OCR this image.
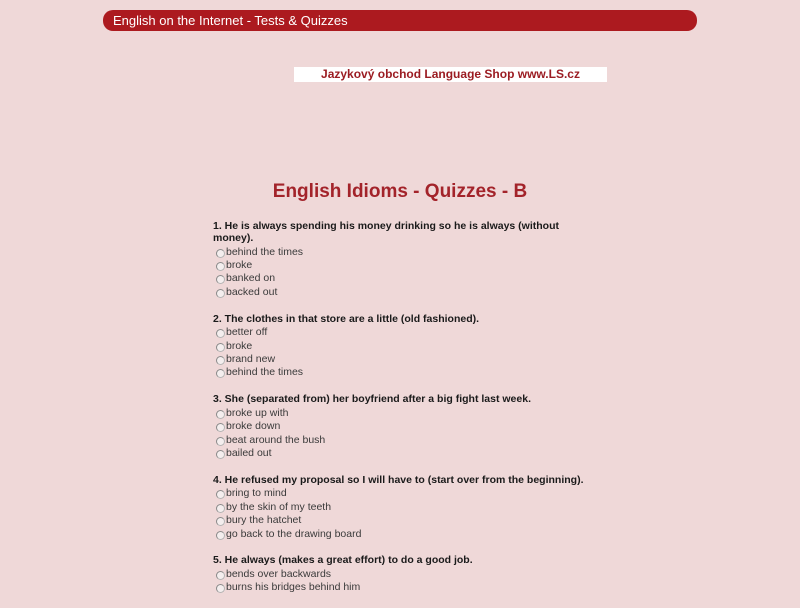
English on the Internet - Tests & Quizzes
Jazykový obchod Language Shop www.LS.cz
English Idioms - Quizzes - B
1. He is always spending his money drinking so he is always (without money).
behind the times
broke
banked on
backed out
2. The clothes in that store are a little (old fashioned).
better off
broke
brand new
behind the times
3. She (separated from) her boyfriend after a big fight last week.
broke up with
broke down
beat around the bush
bailed out
4. He refused my proposal so I will have to (start over from the beginning).
bring to mind
by the skin of my teeth
bury the hatchet
go back to the drawing board
5. He always (makes a great effort) to do a good job.
bends over backwards
burns his bridges behind him
